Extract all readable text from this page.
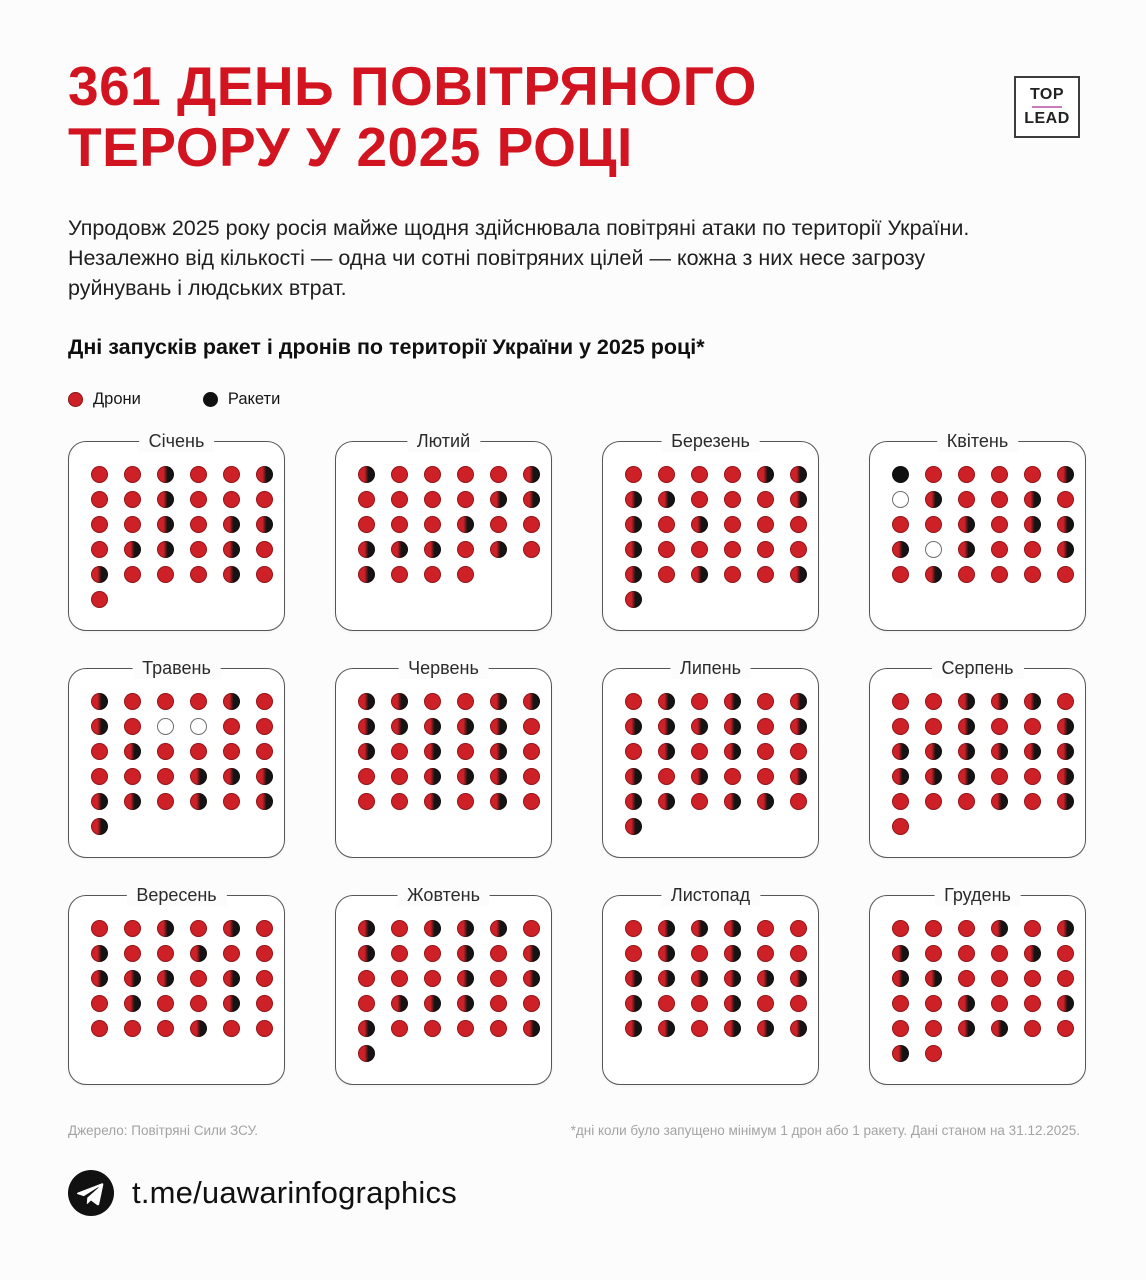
361 ДЕНЬ ПОВІТРЯНОГО
ТЕРОРУ У 2025 РОЦІ
TOP
LEAD

Упродовж 2025 року росія майже щодня здійснювала повітряні атаки по території України. Незалежно від кількості — одна чи сотні повітряних цілей — кожна з них несе загрозу руйнувань і людських втрат.

Дні запусків ракет і дронів по території України у 2025 році*

Дрони	Ракети
Січень	Лютий	Березень	Квітень
Травень	Червень	Липень	Серпень
Вересень	Жовтень	Листопад	Грудень
Джерело: Повітряні Сили ЗСУ.	*дні коли було запущено мінімум 1 дрон або 1 ракету. Дані станом на 31.12.2025.
t.me/uawarinfographics
